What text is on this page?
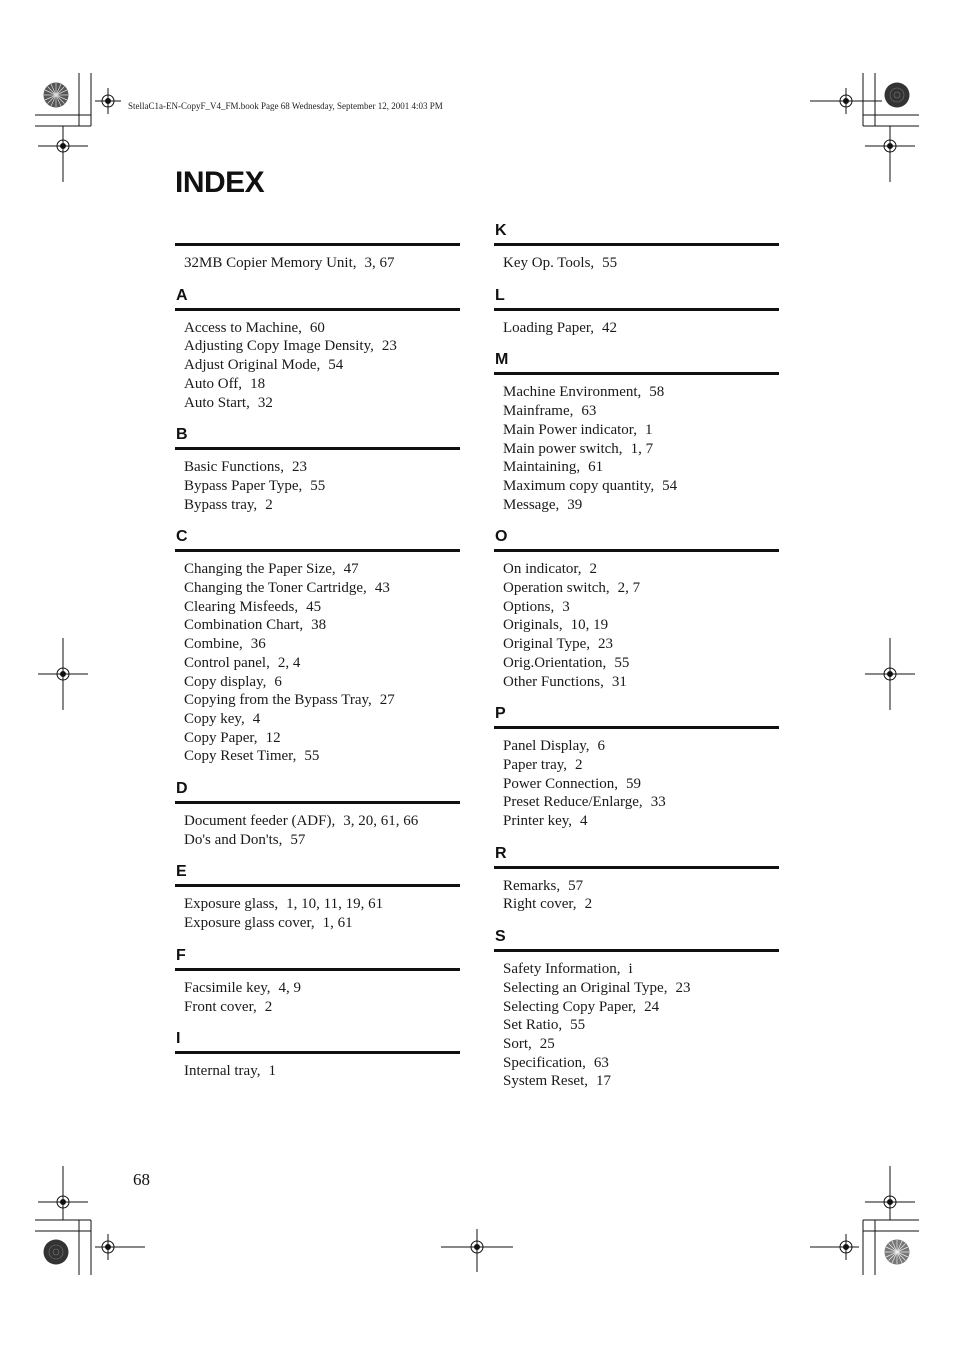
StellaC1a-EN-CopyF_V4_FM.book Page 68 Wednesday, September 12, 2001 4:03 PM
INDEX
32MB Copier Memory Unit, 3, 67
A
Access to Machine, 60
Adjusting Copy Image Density, 23
Adjust Original Mode, 54
Auto Off, 18
Auto Start, 32
B
Basic Functions, 23
Bypass Paper Type, 55
Bypass tray, 2
C
Changing the Paper Size, 47
Changing the Toner Cartridge, 43
Clearing Misfeeds, 45
Combination Chart, 38
Combine, 36
Control panel, 2, 4
Copy display, 6
Copying from the Bypass Tray, 27
Copy key, 4
Copy Paper, 12
Copy Reset Timer, 55
D
Document feeder (ADF), 3, 20, 61, 66
Do's and Don'ts, 57
E
Exposure glass, 1, 10, 11, 19, 61
Exposure glass cover, 1, 61
F
Facsimile key, 4, 9
Front cover, 2
I
Internal tray, 1
K
Key Op. Tools, 55
L
Loading Paper, 42
M
Machine Environment, 58
Mainframe, 63
Main Power indicator, 1
Main power switch, 1, 7
Maintaining, 61
Maximum copy quantity, 54
Message, 39
O
On indicator, 2
Operation switch, 2, 7
Options, 3
Originals, 10, 19
Original Type, 23
Orig.Orientation, 55
Other Functions, 31
P
Panel Display, 6
Paper tray, 2
Power Connection, 59
Preset Reduce/Enlarge, 33
Printer key, 4
R
Remarks, 57
Right cover, 2
S
Safety Information, i
Selecting an Original Type, 23
Selecting Copy Paper, 24
Set Ratio, 55
Sort, 25
Specification, 63
System Reset, 17
68
